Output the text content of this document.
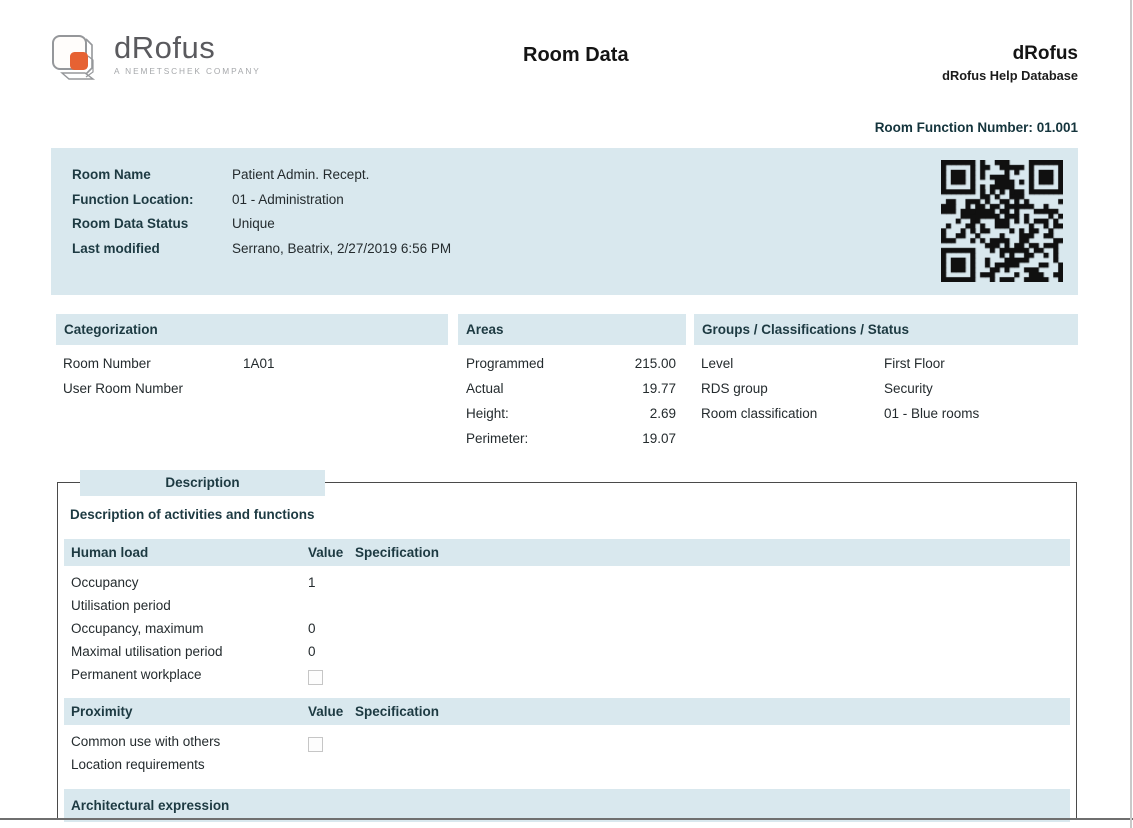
dRofus
A NEMETSCHEK COMPANY
Room Data	dRofus
dRofus Help Database
Room Function Number: 01.001
Room Name	Patient Admin. Recept.
Function Location:	01 - Administration
Room Data Status	Unique
Last modified	Serrano, Beatrix, 2/27/2019 6:56 PM
Categorization
Room Number	1A01
User Room Number
Areas
Programmed	215.00
Actual	19.77
Height:	2.69
Perimeter:	19.07
Groups / Classifications / Status
Level	First Floor
RDS group	Security
Room classification	01 - Blue rooms
Description
Description of activities and functions
Human load	Value Specification
Occupancy	1
Utilisation period
Occupancy, maximum	0
Maximal utilisation period	0
Permanent workplace
Proximity	Value Specification
Common use with others
Location requirements
Architectural expression
